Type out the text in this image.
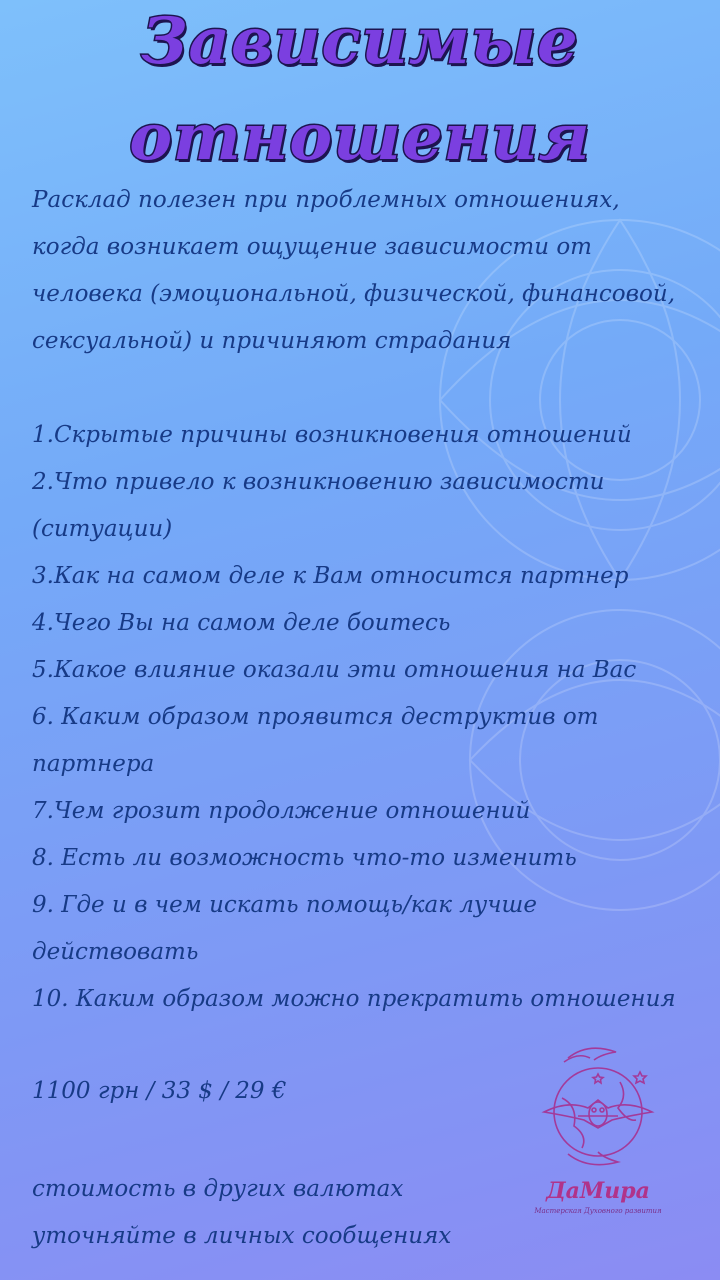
Зависимые
отношения
Расклад полезен при проблемных отношениях,
когда возникает ощущение зависимости от
человека (эмоциональной, физической, финансовой,
сексуальной) и причиняют страдания
1.Скрытые причины возникновения отношений
2.Что привело к возникновению зависимости
(ситуации)
3.Как на самом деле к Вам относится партнер
4.Чего Вы на самом деле боитесь
5.Какое влияние оказали эти отношения на Вас
6. Каким образом проявится деструктив от
партнера
7.Чем грозит продолжение отношений
8. Есть ли возможность что-то изменить
9. Где и в чем искать помощь/как лучше
действовать
10. Каким образом можно прекратить отношения
1100 грн / 33 $ / 29 €
стоимость в других валютах
уточняйте в личных сообщениях
ДаМира
Мастерская Духовного развития
